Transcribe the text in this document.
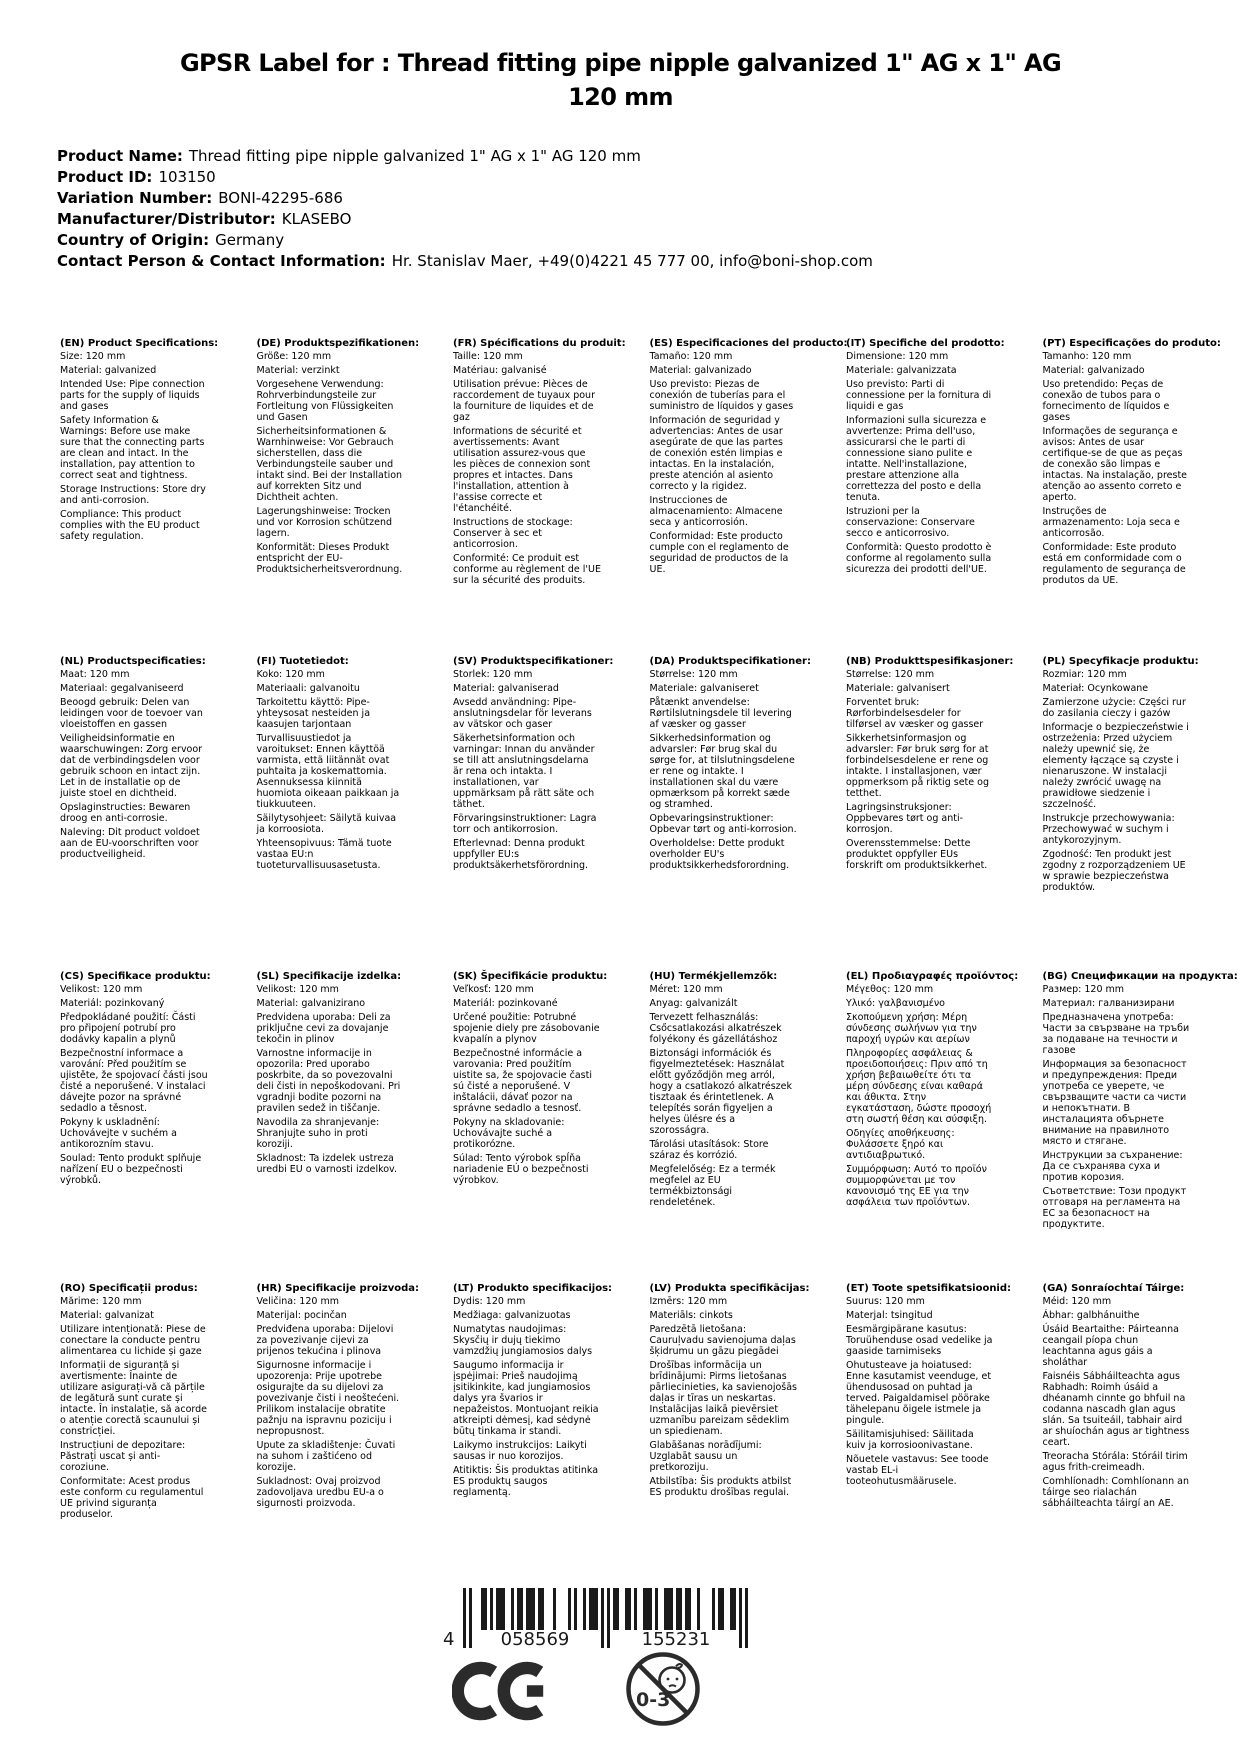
GPSR Label for : Thread fitting pipe nipple galvanized 1" AG x 1" AG 120 mm
Product Name: Thread fitting pipe nipple galvanized 1" AG x 1" AG 120 mm
Product ID: 103150
Variation Number: BONI-42295-686
Manufacturer/Distributor: KLASEBO
Country of Origin: Germany
Contact Person & Contact Information: Hr. Stanislav Maer, +49(0)4221 45 777 00, info@boni-shop.com
(EN) Product Specifications:

Size: 120 mm

Material: galvanized

Intended Use: Pipe connection parts for the supply of liquids and gases

Safety Information & Warnings: Before use make sure that the connecting parts are clean and intact. In the installation, pay attention to correct seat and tightness.

Storage Instructions: Store dry and anti-corrosion.

Compliance: This product complies with the EU product safety regulation.

(DE) Produktspezifikationen:

Größe: 120 mm

Material: verzinkt

Vorgesehene Verwendung: Rohrverbindungsteile zur Fortleitung von Flüssigkeiten und Gasen

Sicherheitsinformationen & Warnhinweise: Vor Gebrauch sicherstellen, dass die Verbindungsteile sauber und intakt sind. Bei der Installation auf korrekten Sitz und Dichtheit achten.

Lagerungshinweise: Trocken und vor Korrosion schützend lagern.

Konformität: Dieses Produkt entspricht der EU-Produktsicherheitsverordnung.

(FR) Spécifications du produit:

Taille: 120 mm

Matériau: galvanisé

Utilisation prévue: Pièces de raccordement de tuyaux pour la fourniture de liquides et de gaz

Informations de sécurité et avertissements: Avant utilisation assurez-vous que les pièces de connexion sont propres et intactes. Dans l'installation, attention à l'assise correcte et l'étanchéité.

Instructions de stockage: Conserver à sec et anticorrosion.

Conformité: Ce produit est conforme au règlement de l'UE sur la sécurité des produits.

(ES) Especificaciones del producto:

Tamaño: 120 mm

Material: galvanizado

Uso previsto: Piezas de conexión de tuberías para el suministro de líquidos y gases

Información de seguridad y advertencias: Antes de usar asegúrate de que las partes de conexión estén limpias e intactas. En la instalación, preste atención al asiento correcto y la rigidez.

Instrucciones de almacenamiento: Almacene seca y anticorrosión.

Conformidad: Este producto cumple con el reglamento de seguridad de productos de la UE.

(IT) Specifiche del prodotto:

Dimensione: 120 mm

Materiale: galvanizzata

Uso previsto: Parti di connessione per la fornitura di liquidi e gas

Informazioni sulla sicurezza e avvertenze: Prima dell'uso, assicurarsi che le parti di connessione siano pulite e intatte. Nell'installazione, prestare attenzione alla correttezza del posto e della tenuta.

Istruzioni per la conservazione: Conservare secco e anticorrosivo.

Conformità: Questo prodotto è conforme al regolamento sulla sicurezza dei prodotti dell'UE.

(PT) Especificações do produto:

Tamanho: 120 mm

Material: galvanizado

Uso pretendido: Peças de conexão de tubos para o fornecimento de líquidos e gases

Informações de segurança e avisos: Antes de usar certifique-se de que as peças de conexão são limpas e intactas. Na instalação, preste atenção ao assento correto e aperto.

Instruções de armazenamento: Loja seca e anticorrosão.

Conformidade: Este produto está em conformidade com o regulamento de segurança de produtos da UE.

(NL) Productspecificaties:

Maat: 120 mm

Materiaal: gegalvaniseerd

Beoogd gebruik: Delen van leidingen voor de toevoer van vloeistoffen en gassen

Veiligheidsinformatie en waarschuwingen: Zorg ervoor dat de verbindingsdelen voor gebruik schoon en intact zijn. Let in de installatie op de juiste stoel en dichtheid.

Opslaginstructies: Bewaren droog en anti-corrosie.

Naleving: Dit product voldoet aan de EU-voorschriften voor productveiligheid.

(FI) Tuotetiedot:

Koko: 120 mm

Materiaali: galvanoitu

Tarkoitettu käyttö: Pipe-yhteysosat nesteiden ja kaasujen tarjontaan

Turvallisuustiedot ja varoitukset: Ennen käyttöä varmista, että liitännät ovat puhtaita ja koskemattomia. Asennuksessa kiinnitä huomiota oikeaan paikkaan ja tiukkuuteen.

Säilytysohjeet: Säilytä kuivaa ja korroosiota.

Yhteensopivuus: Tämä tuote vastaa EU:n tuoteturvallisuusasetusta.

(SV) Produktspecifikationer:

Storlek: 120 mm

Material: galvaniserad

Avsedd användning: Pipe-anslutningsdelar för leverans av vätskor och gaser

Säkerhetsinformation och varningar: Innan du använder se till att anslutningsdelarna är rena och intakta. I installationen, var uppmärksam på rätt säte och täthet.

Förvaringsinstruktioner: Lagra torr och antikorrosion.

Efterlevnad: Denna produkt uppfyller EU:s produktsäkerhetsförordning.

(DA) Produktspecifikationer:

Størrelse: 120 mm

Materiale: galvaniseret

Påtænkt anvendelse: Rørtilslutningsdele til levering af væsker og gasser

Sikkerhedsinformation og advarsler: Før brug skal du sørge for, at tilslutningsdelene er rene og intakte. I installationen skal du være opmærksom på korrekt sæde og stramhed.

Opbevaringsinstruktioner: Opbevar tørt og anti-korrosion.

Overholdelse: Dette produkt overholder EU's produktsikkerhedsforordning.

(NB) Produkttspesifikasjoner:

Størrelse: 120 mm

Materiale: galvanisert

Forventet bruk: Rørforbindelsesdeler for tilførsel av væsker og gasser

Sikkerhetsinformasjon og advarsler: Før bruk sørg for at forbindelsesdelene er rene og intakte. I installasjonen, vær oppmerksom på riktig sete og tetthet.

Lagringsinstruksjoner: Oppbevares tørt og anti-korrosjon.

Overensstemmelse: Dette produktet oppfyller EUs forskrift om produktsikkerhet.

(PL) Specyfikacje produktu:

Rozmiar: 120 mm

Materiał: Ocynkowane

Zamierzone użycie: Części rur do zasilania cieczy i gazów

Informacje o bezpieczeństwie i ostrzeżenia: Przed użyciem należy upewnić się, że elementy łączące są czyste i nienaruszone. W instalacji należy zwrócić uwagę na prawidłowe siedzenie i szczelność.

Instrukcje przechowywania: Przechowywać w suchym i antykorozyjnym.

Zgodność: Ten produkt jest zgodny z rozporządzeniem UE w sprawie bezpieczeństwa produktów.

(CS) Specifikace produktu:

Velikost: 120 mm

Materiál: pozinkovaný

Předpokládané použití: Části pro připojení potrubí pro dodávky kapalin a plynů

Bezpečnostní informace a varování: Před použitím se ujistěte, že spojovací části jsou čisté a neporušené. V instalaci dávejte pozor na správné sedadlo a těsnost.

Pokyny k uskladnění: Uchovávejte v suchém a antikorozním stavu.

Soulad: Tento produkt splňuje nařízení EU o bezpečnosti výrobků.

(SL) Specifikacije izdelka:

Velikost: 120 mm

Material: galvanizirano

Predvidena uporaba: Deli za priključne cevi za dovajanje tekočin in plinov

Varnostne informacije in opozorila: Pred uporabo poskrbite, da so povezovalni deli čisti in nepoškodovani. Pri vgradnji bodite pozorni na pravilen sedež in tiščanje.

Navodila za shranjevanje: Shranjujte suho in proti koroziji.

Skladnost: Ta izdelek ustreza uredbi EU o varnosti izdelkov.

(SK) Špecifikácie produktu:

Veľkosť: 120 mm

Materiál: pozinkované

Určené použitie: Potrubné spojenie diely pre zásobovanie kvapalín a plynov

Bezpečnostné informácie a varovania: Pred použitím uistite sa, že spojovacie časti sú čisté a neporušené. V inštalácii, dávať pozor na správne sedadlo a tesnosť.

Pokyny na skladovanie: Uchovávajte suché a protikorózne.

Súlad: Tento výrobok spĺňa nariadenie EÚ o bezpečnosti výrobkov.

(HU) Termékjellemzők:

Méret: 120 mm

Anyag: galvanizált

Tervezett felhasználás: Csőcsatlakozási alkatrészek folyékony és gázellátáshoz

Biztonsági információk és figyelmeztetések: Használat előtt győződjön meg arról, hogy a csatlakozó alkatrészek tisztaak és érintetlenek. A telepítés során figyeljen a helyes ülésre és a szorosságra.

Tárolási utasítások: Store száraz és korrózió.

Megfelelőség: Ez a termék megfelel az EU termékbiztonsági rendeletének.

(EL) Προδιαγραφές προϊόντος:

Μέγεθος: 120 mm

Υλικό: γαλβανισμένο

Σκοπούμενη χρήση: Μέρη σύνδεσης σωλήνων για την παροχή υγρών και αερίων

Πληροφορίες ασφάλειας & προειδοποιήσεις: Πριν από τη χρήση βεβαιωθείτε ότι τα μέρη σύνδεσης είναι καθαρά και άθικτα. Στην εγκατάσταση, δώστε προσοχή στη σωστή θέση και σύσφιξη.

Οδηγίες αποθήκευσης: Φυλάσσετε ξηρό και αντιδιαβρωτικό.

Συμμόρφωση: Αυτό το προϊόν συμμορφώνεται με τον κανονισμό της ΕΕ για την ασφάλεια των προϊόντων.

(BG) Спецификации на продукта:

Размер: 120 mm

Материал: галванизирани

Предназначена употреба: Части за свързване на тръби за подаване на течности и газове

Информация за безопасност и предупреждения: Преди употреба се уверете, че свързващите части са чисти и непокътнати. В инсталацията обърнете внимание на правилното място и стягане.

Инструкции за съхранение: Да се съхранява суха и против корозия.

Съответствие: Този продукт отговаря на регламента на ЕС за безопасност на продуктите.

(RO) Specificații produs:

Mărime: 120 mm

Material: galvanizat

Utilizare intenționată: Piese de conectare la conducte pentru alimentarea cu lichide și gaze

Informații de siguranță și avertismente: Înainte de utilizare asigurați-vă că părțile de legătură sunt curate și intacte. În instalație, să acorde o atenție corectă scaunului și constricției.

Instrucțiuni de depozitare: Păstrați uscat și anti-coroziune.

Conformitate: Acest produs este conform cu regulamentul UE privind siguranța produselor.

(HR) Specifikacije proizvoda:

Veličina: 120 mm

Materijal: pocinčan

Predviđena uporaba: Dijelovi za povezivanje cijevi za prijenos tekućina i plinova

Sigurnosne informacije i upozorenja: Prije upotrebe osigurajte da su dijelovi za povezivanje čisti i neoštećeni. Prilikom instalacije obratite pažnju na ispravnu poziciju i nepropusnost.

Upute za skladištenje: Čuvati na suhom i zaštićeno od korozije.

Sukladnost: Ovaj proizvod zadovoljava uredbu EU-a o sigurnosti proizvoda.

(LT) Produkto specifikacijos:

Dydis: 120 mm

Medžiaga: galvanizuotas

Numatytas naudojimas: Skysčių ir dujų tiekimo vamzdžių jungiamosios dalys

Saugumo informacija ir įspėjimai: Prieš naudojimą įsitikinkite, kad jungiamosios dalys yra švarios ir nepažeistos. Montuojant reikia atkreipti dėmesį, kad sėdynė būtų tinkama ir standi.

Laikymo instrukcijos: Laikyti sausas ir nuo korozijos.

Atitiktis: Šis produktas atitinka ES produktų saugos reglamentą.

(LV) Produkta specifikācijas:

Izmērs: 120 mm

Materiāls: cinkots

Paredzētā lietošana: Cauruļvadu savienojuma daļas šķidrumu un gāzu piegādei

Drošības informācija un brīdinājumi: Pirms lietošanas pārliecinieties, ka savienojošās daļas ir tīras un neskartas. Instalācijas laikā pievērsiet uzmanību pareizam sēdeklim un spiedienam.

Glabāšanas norādījumi: Uzglabāt sausu un pretkoroziju.

Atbilstība: Šis produkts atbilst ES produktu drošības regulai.

(ET) Toote spetsifikatsioonid:

Suurus: 120 mm

Materjal: tsingitud

Eesmärgipärane kasutus: Toruühenduse osad vedelike ja gaaside tarnimiseks

Ohutusteave ja hoiatused: Enne kasutamist veenduge, et ühendusosad on puhtad ja terved. Paigaldamisel pöörake tähelepanu õigele istmele ja pingule.

Säilitamisjuhised: Säilitada kuiv ja korrosioonivastane.

Nõuetele vastavus: See toode vastab EL-i tooteohutusmäärusele.

(GA) Sonraíochtaí Táirge:

Méid: 120 mm

Ábhar: galbhánuithe

Úsáid Beartaithe: Páirteanna ceangail píopa chun leachtanna agus gáis a sholáthar

Faisnéis Sábháilteachta agus Rabhadh: Roimh úsáid a dhéanamh cinnte go bhfuil na codanna nascadh glan agus slán. Sa tsuiteáil, tabhair aird ar shuíochán agus ar tightness ceart.

Treoracha Stórála: Stóráil tirim agus frith-creimeadh.

Comhlíonadh: Comhlíonann an táirge seo rialachán sábháilteachta táirgí an AE.

4	058569	155231
0-3
